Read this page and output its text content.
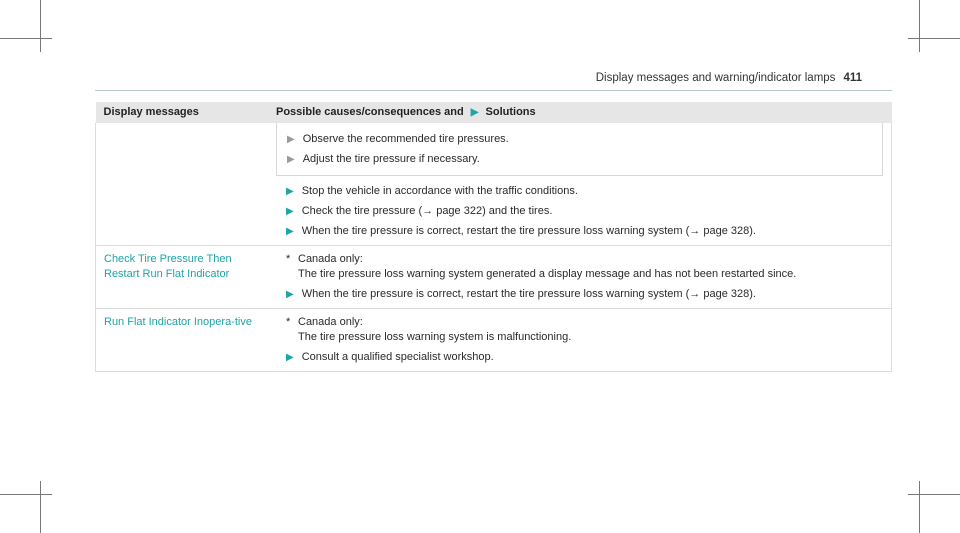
Display messages and warning/indicator lamps 411
Display messages	Possible causes/consequences and ▶ Solutions

	▶ Observe the recommended tire pressures.
▶ Adjust the tire pressure if necessary.
▶ Stop the vehicle in accordance with the traffic conditions.
▶ Check the tire pressure (→ page 322) and the tires.
▶ When the tire pressure is correct, restart the tire pressure loss warning system (→ page 328).

Check Tire Pressure Then Restart Run Flat Indicator	* Canada only:
The tire pressure loss warning system generated a display message and has not been restarted since.
▶ When the tire pressure is correct, restart the tire pressure loss warning system (→ page 328).

Run Flat Indicator Inopera-tive	* Canada only:
The tire pressure loss warning system is malfunctioning.
▶ Consult a qualified specialist workshop.
